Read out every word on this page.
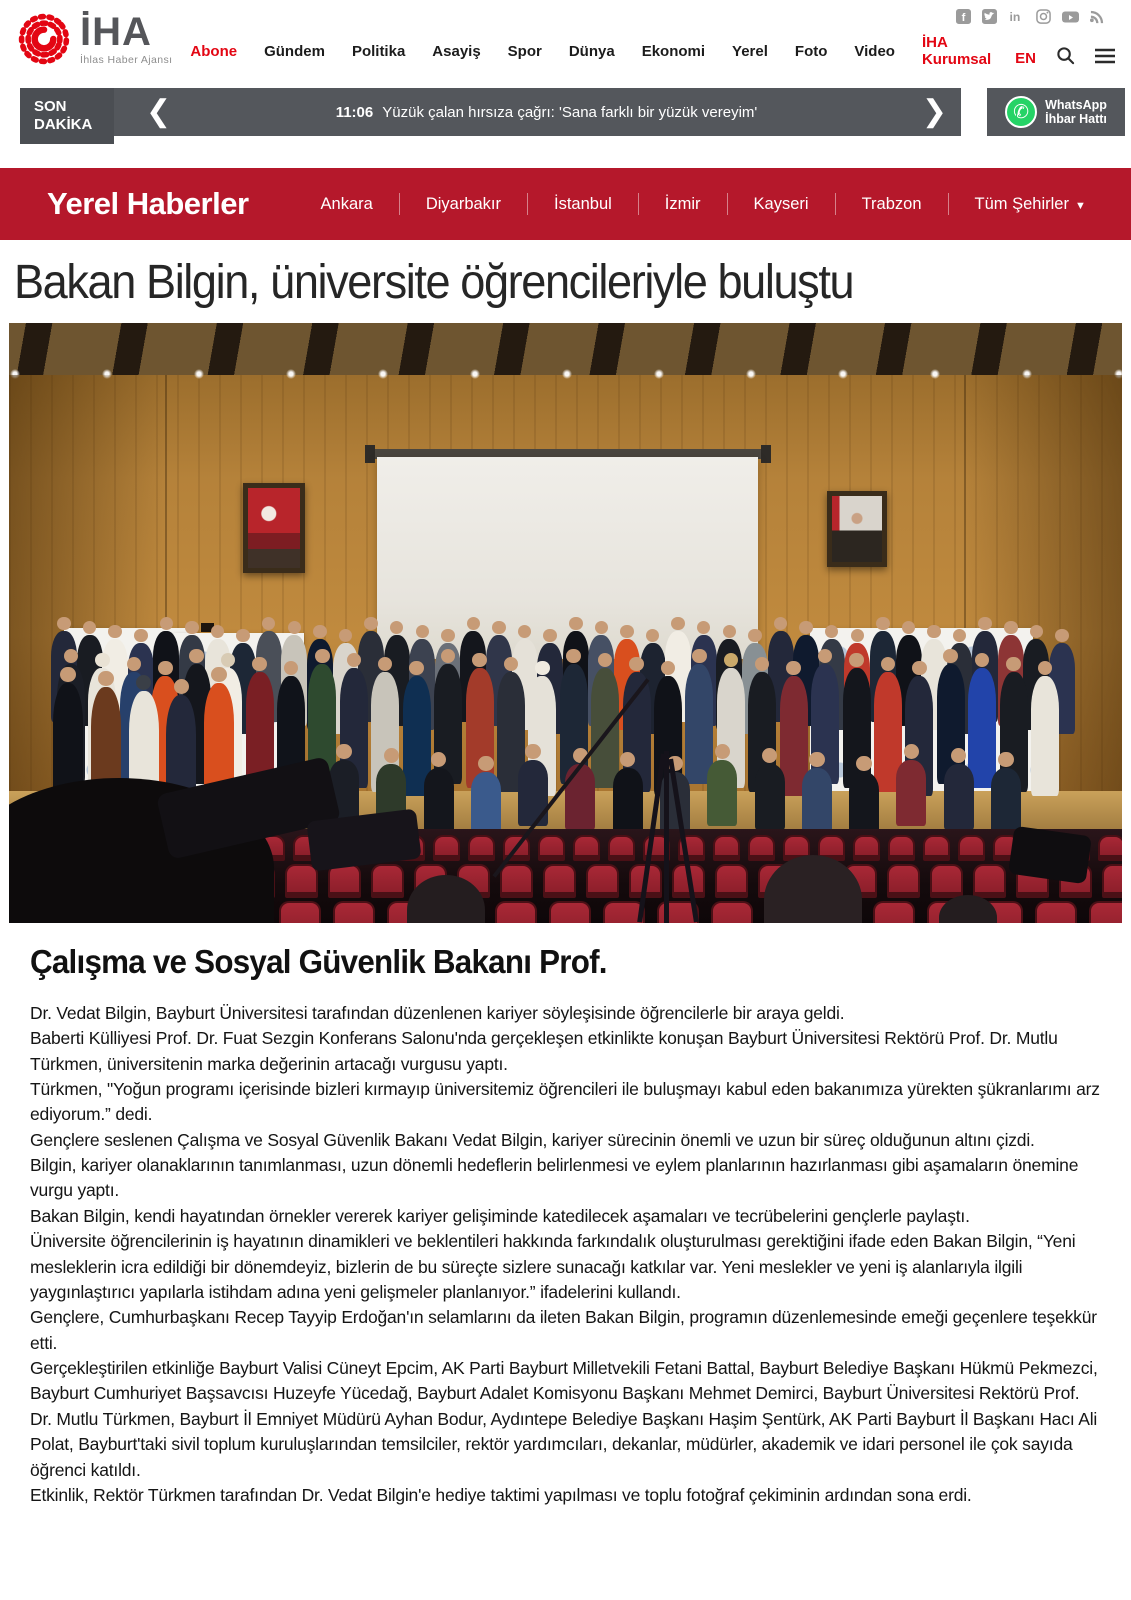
f	in
İHA
İhlas Haber Ajansı
Abone Gündem Politika Asayiş Spor Dünya Ekonomi Yerel Foto Video İHA Kurumsal	EN
SON
DAKİKA	❮	11:06 Yüzük çalan hırsıza çağrı: 'Sana farklı bir yüzük vereyim'	❯	✆	WhatsApp
İhbar Hattı
Yerel Haberler	Ankara	Diyarbakır	İstanbul	İzmir	Kayseri	Trabzon	Tüm Şehirler ▼
Bakan Bilgin, üniversite öğrencileriyle buluştu
Çalışma ve Sosyal Güvenlik Bakanı Prof.

Dr. Vedat Bilgin, Bayburt Üniversitesi tarafından düzenlenen kariyer söyleşisinde öğrencilerle bir araya geldi.

Baberti Külliyesi Prof. Dr. Fuat Sezgin Konferans Salonu'nda gerçekleşen etkinlikte konuşan Bayburt Üniversitesi Rektörü Prof. Dr. Mutlu Türkmen, üniversitenin marka değerinin artacağı vurgusu yaptı.

Türkmen, "Yoğun programı içerisinde bizleri kırmayıp üniversitemiz öğrencileri ile buluşmayı kabul eden bakanımıza yürekten şükranlarımı arz ediyorum.” dedi.

Gençlere seslenen Çalışma ve Sosyal Güvenlik Bakanı Vedat Bilgin, kariyer sürecinin önemli ve uzun bir süreç olduğunun altını çizdi.

Bilgin, kariyer olanaklarının tanımlanması, uzun dönemli hedeflerin belirlenmesi ve eylem planlarının hazırlanması gibi aşamaların önemine vurgu yaptı.

Bakan Bilgin, kendi hayatından örnekler vererek kariyer gelişiminde katedilecek aşamaları ve tecrübelerini gençlerle paylaştı.

Üniversite öğrencilerinin iş hayatının dinamikleri ve beklentileri hakkında farkındalık oluşturulması gerektiğini ifade eden Bakan Bilgin, “Yeni mesleklerin icra edildiği bir dönemdeyiz, bizlerin de bu süreçte sizlere sunacağı katkılar var. Yeni meslekler ve yeni iş alanlarıyla ilgili yaygınlaştırıcı yapılarla istihdam adına yeni gelişmeler planlanıyor.” ifadelerini kullandı.

Gençlere, Cumhurbaşkanı Recep Tayyip Erdoğan'ın selamlarını da ileten Bakan Bilgin, programın düzenlemesinde emeği geçenlere teşekkür etti.

Gerçekleştirilen etkinliğe Bayburt Valisi Cüneyt Epcim, AK Parti Bayburt Milletvekili Fetani Battal, Bayburt Belediye Başkanı Hükmü Pekmezci, Bayburt Cumhuriyet Başsavcısı Huzeyfe Yücedağ, Bayburt Adalet Komisyonu Başkanı Mehmet Demirci, Bayburt Üniversitesi Rektörü Prof. Dr. Mutlu Türkmen, Bayburt İl Emniyet Müdürü Ayhan Bodur, Aydıntepe Belediye Başkanı Haşim Şentürk, AK Parti Bayburt İl Başkanı Hacı Ali Polat, Bayburt'taki sivil toplum kuruluşlarından temsilciler, rektör yardımcıları, dekanlar, müdürler, akademik ve idari personel ile çok sayıda öğrenci katıldı.

Etkinlik, Rektör Türkmen tarafından Dr. Vedat Bilgin'e hediye taktimi yapılması ve toplu fotoğraf çekiminin ardından sona erdi.
